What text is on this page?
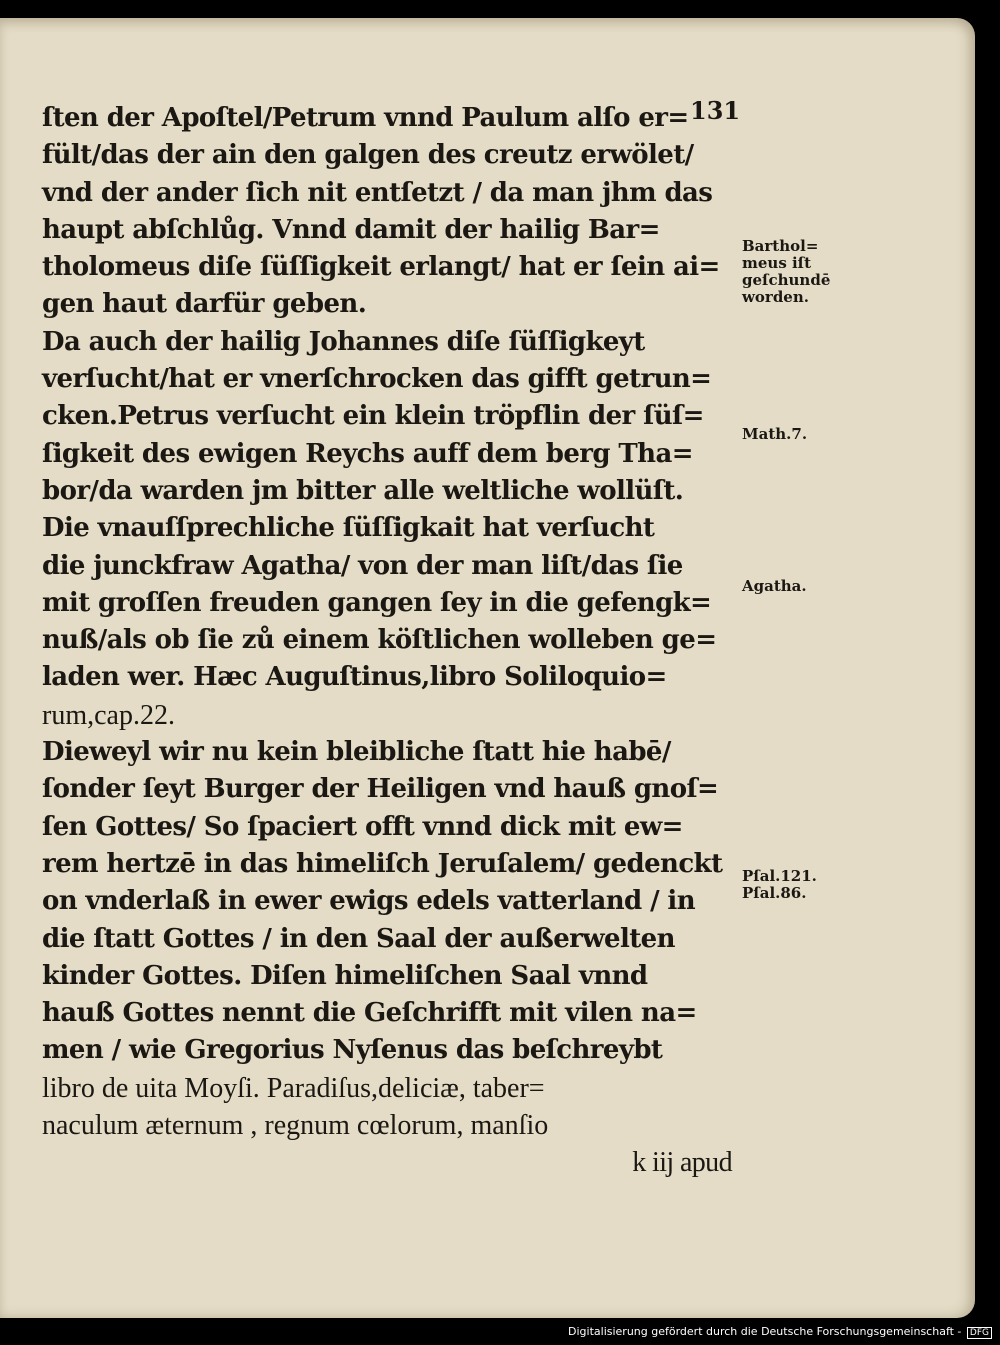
131
ſten der Apoſtel/Petrum vnnd Paulum alſo er=
fült/das der ain den galgen des creutz erwölet/
vnd der ander ſich nit entſetzt / da man jhm das
haupt abſchlůg. Vnnd damit der hailig Bar=
tholomeus diſe ſüſſigkeit erlangt/ hat er ſein ai=
gen haut darfür geben.
Da auch der hailig Johannes diſe ſüſſigkeyt
verſucht/hat er vnerſchrocken das gifft getrun=
cken.Petrus verſucht ein klein tröpflin der ſüſ=
ſigkeit des ewigen Reychs auff dem berg Tha=
bor/da warden jm bitter alle weltliche wollüſt.
Die vnauſſprechliche ſüſſigkait hat verſucht
die junckfraw Agatha/ von der man liſt/das ſie
mit groſſen freuden gangen ſey in die gefengk=
nuß/als ob ſie zů einem köſtlichen wolleben ge=
laden wer. Hæc Auguſtinus,libro Soliloquio=
rum,cap.22.
Dieweyl wir nu kein bleibliche ſtatt hie habē/
ſonder ſeyt Burger der Heiligen vnd hauß gnoſ=
ſen Gottes/ So ſpaciert offt vnnd dick mit ew=
rem hertzē in das himeliſch Jeruſalem/ gedenckt
on vnderlaß in ewer ewigs edels vatterland / in
die ſtatt Gottes / in den Saal der außerwelten
kinder Gottes. Diſen himeliſchen Saal vnnd
hauß Gottes nennt die Geſchrifft mit vilen na=
men / wie Gregorius Nyſenus das beſchreybt
libro de uita Moyſi. Paradiſus,deliciæ, taber=
naculum æternum , regnum cœlorum, manſio
k iij apud
Barthol=
meus iſt
geſchundē
worden.
Math.7.
Agatha.
Pſal.121.
Pſal.86.
Digitalisierung gefördert durch die Deutsche Forschungsgemeinschaft - DFG
